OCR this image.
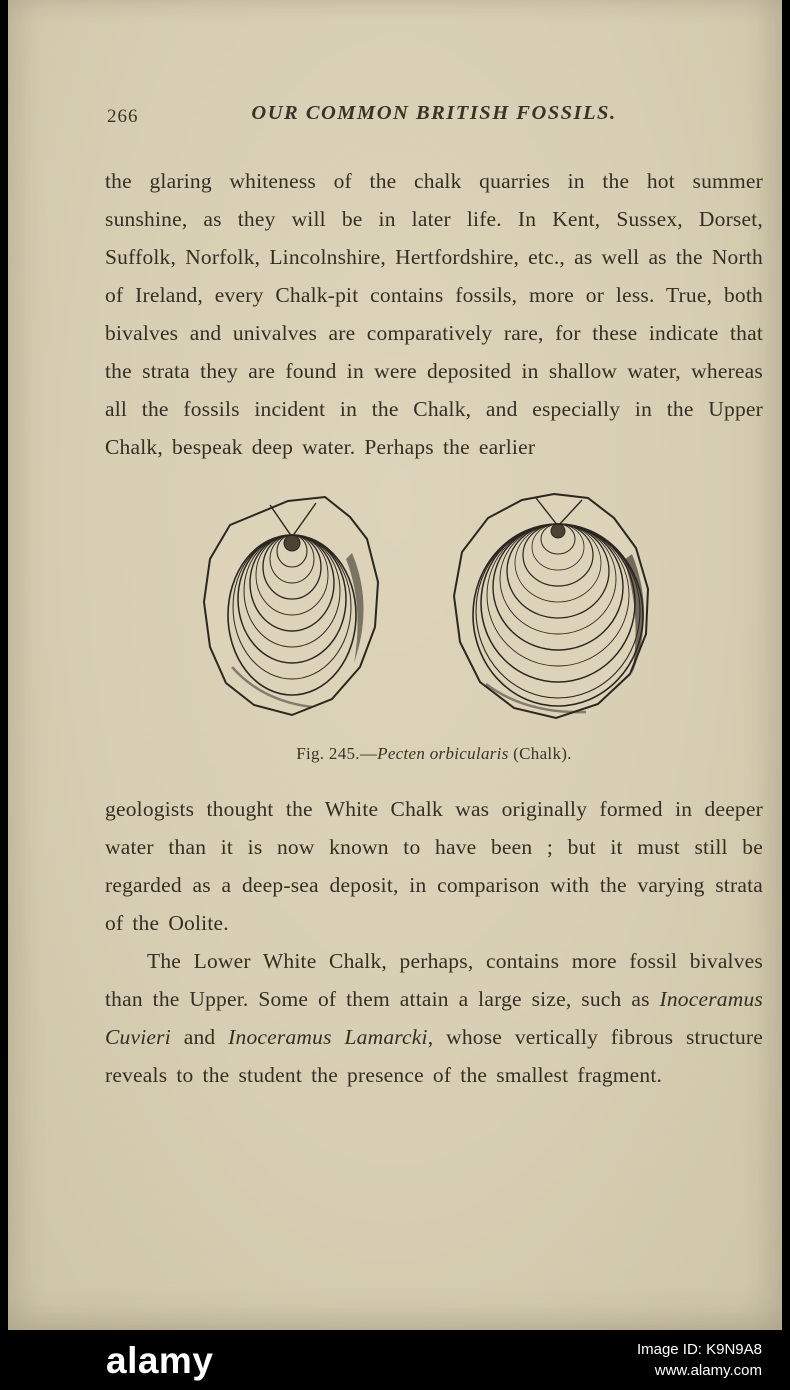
266	OUR COMMON BRITISH FOSSILS.

the glaring whiteness of the chalk quarries in the hot summer sunshine, as they will be in later life. In Kent, Sussex, Dorset, Suffolk, Norfolk, Lincolnshire, Hertfordshire, etc., as well as the North of Ireland, every Chalk-pit contains fossils, more or less. True, both bivalves and univalves are comparatively rare, for these indicate that the strata they are found in were deposited in shallow water, whereas all the fossils incident in the Chalk, and especially in the Upper Chalk, bespeak deep water. Perhaps the earlier

Fig. 245.—Pecten orbicularis (Chalk).

geologists thought the White Chalk was originally formed in deeper water than it is now known to have been ; but it must still be regarded as a deep-sea deposit, in comparison with the varying strata of the Oolite.

The Lower White Chalk, perhaps, contains more fossil bivalves than the Upper. Some of them attain a large size, such as Inoceramus Cuvieri and Inoceramus Lamarcki, whose vertically fibrous structure reveals to the student the presence of the smallest fragment.

alamy	Image ID: K9N9A8
www.alamy.com
